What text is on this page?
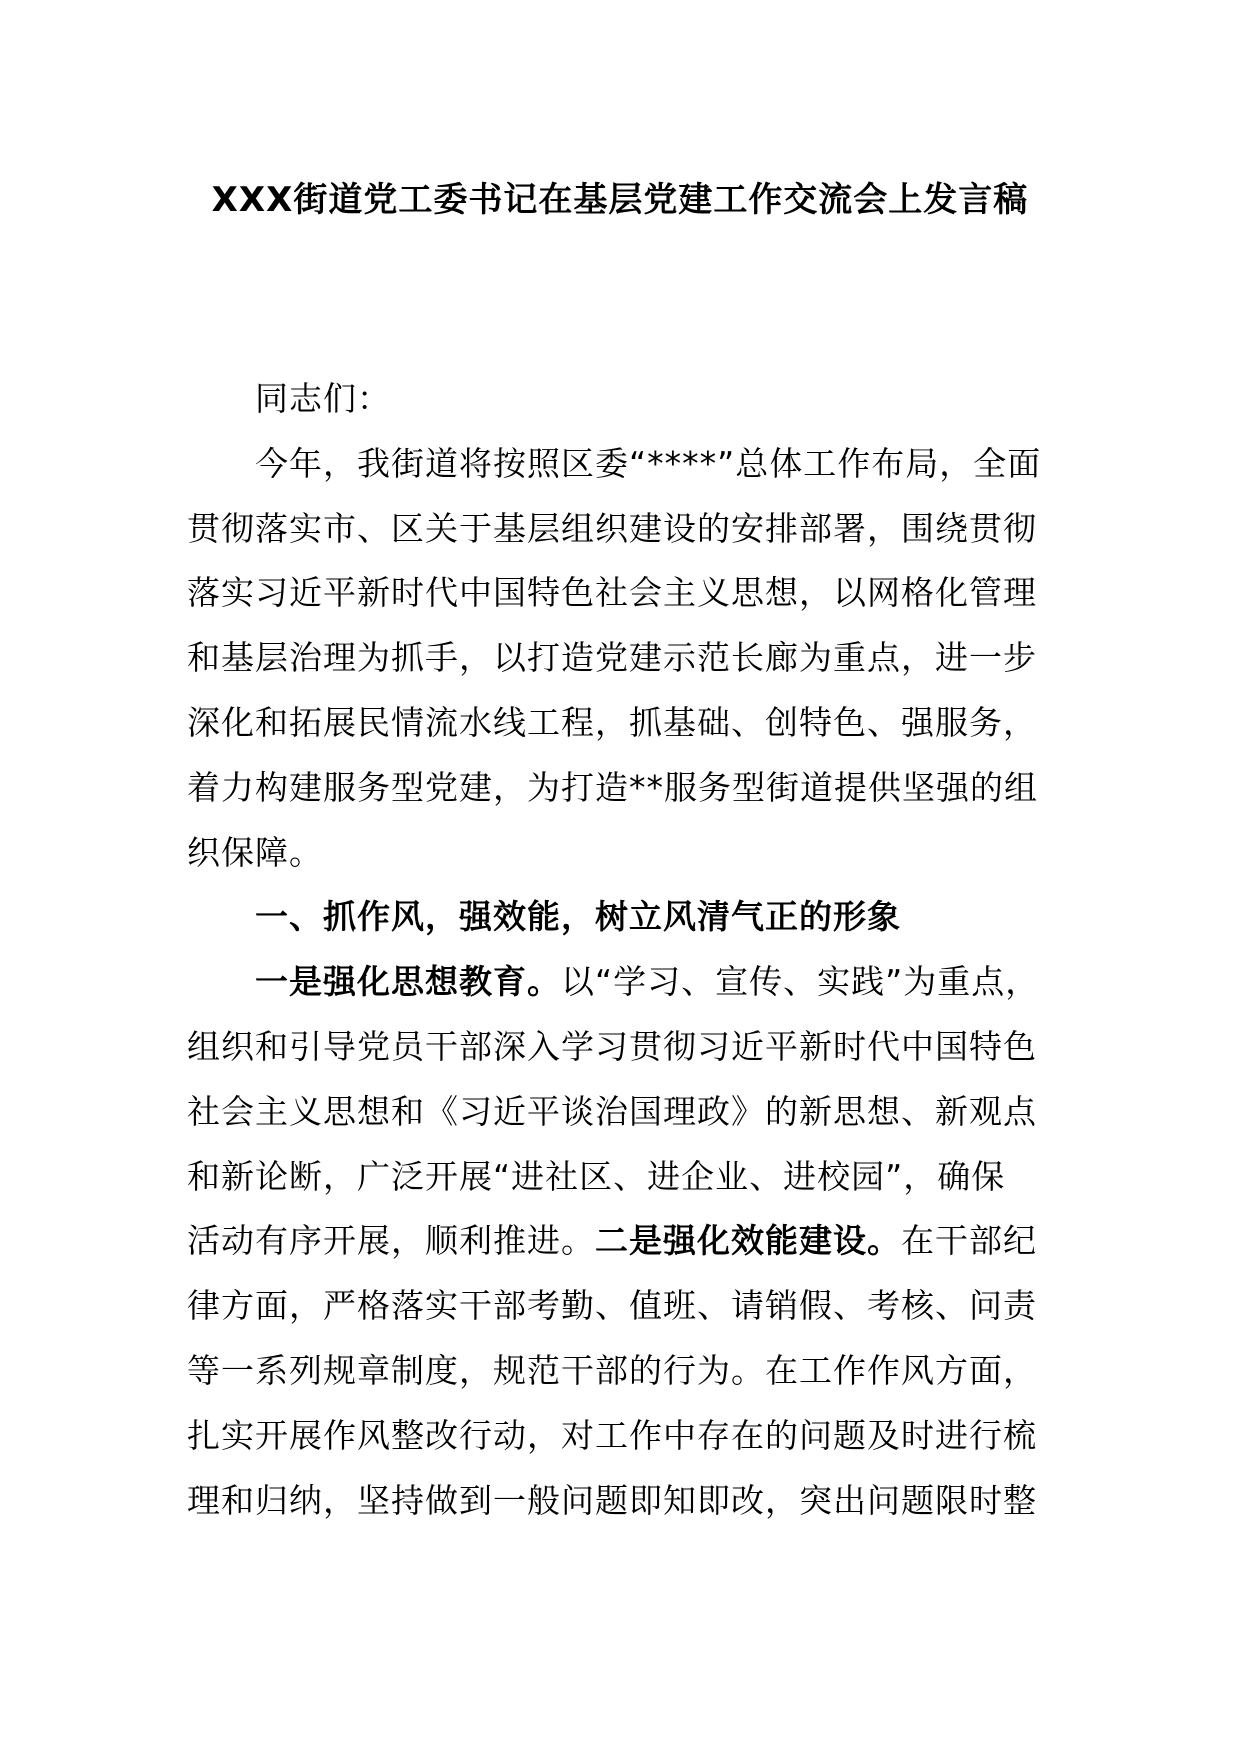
XXX街道党工委书记在基层党建工作交流会上发言稿
同志们：
今年，我街道将按照区委“****”总体工作布局，全面
贯彻落实市、区关于基层组织建设的安排部署，围绕贯彻
落实习近平新时代中国特色社会主义思想，以网格化管理
和基层治理为抓手，以打造党建示范长廊为重点，进一步
深化和拓展民情流水线工程，抓基础、创特色、强服务，
着力构建服务型党建，为打造**服务型街道提供坚强的组
织保障。
一、抓作风，强效能，树立风清气正的形象
一是强化思想教育。以“学习、宣传、实践”为重点，
组织和引导党员干部深入学习贯彻习近平新时代中国特色
社会主义思想和《习近平谈治国理政》的新思想、新观点
和新论断，广泛开展“进社区、进企业、进校园”，确保
活动有序开展，顺利推进。二是强化效能建设。在干部纪
律方面，严格落实干部考勤、值班、请销假、考核、问责
等一系列规章制度，规范干部的行为。在工作作风方面，
扎实开展作风整改行动，对工作中存在的问题及时进行梳
理和归纳，坚持做到一般问题即知即改，突出问题限时整
